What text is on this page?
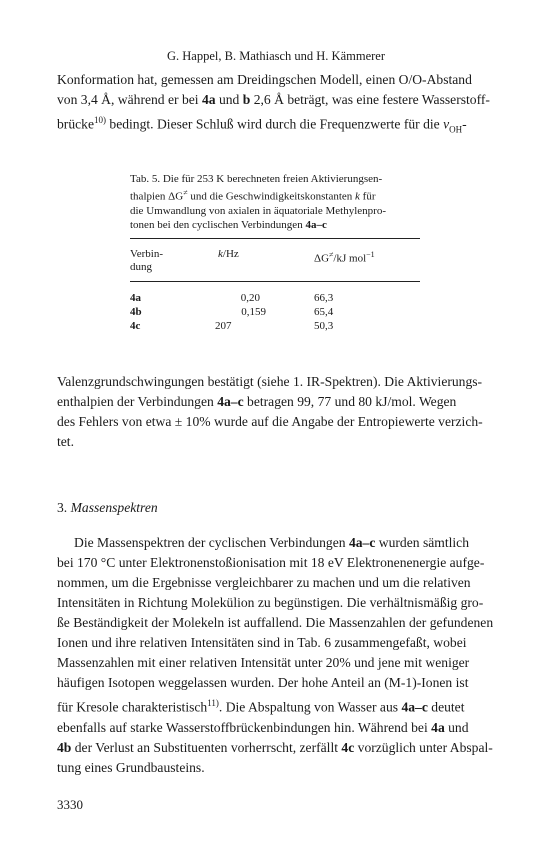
G. Happel, B. Mathiasch und H. Kämmerer
Konformation hat, gemessen am Dreidingschen Modell, einen O/O-Abstand
von 3,4 Å, während er bei 4a und b 2,6 Å beträgt, was eine festere Wasserstoff-
brücke$^{10)}$ bedingt. Dieser Schluß wird durch die Frequenzwerte für die $\nu_{OH}-$
Tab. 5. Die für 253 K berechneten freien Aktivierungsen-
thalpien ΔG≠ und die Geschwindigkeitskonstanten k für
die Umwandlung von axialen in äquatoriale Methylenpro-
tonen bei den cyclischen Verbindungen 4a–c
Verbin-
dung
k/Hz	ΔG≠/kJ mol$^{-1}$
4a	0,20	66,3
4b	0,159	65,4
4c	207	50,3
Valenzgrundschwingungen bestätigt (siehe 1. IR-Spektren). Die Aktivierungs-
enthalpien der Verbindungen 4a–c betragen 99, 77 und 80 kJ/mol. Wegen
des Fehlers von etwa ± 10% wurde auf die Angabe der Entropiewerte verzich-
tet.
3. Massenspektren
Die Massenspektren der cyclischen Verbindungen 4a–c wurden sämtlich
bei 170 °C unter Elektronenstoßionisation mit 18 eV Elektronenenergie aufge-
nommen, um die Ergebnisse vergleichbarer zu machen und um die relativen
Intensitäten in Richtung Molekülion zu begünstigen. Die verhältnismäßig gro-
ße Beständigkeit der Molekeln ist auffallend. Die Massenzahlen der gefundenen
Ionen und ihre relativen Intensitäten sind in Tab. 6 zusammengefaßt, wobei
Massenzahlen mit einer relativen Intensität unter 20% und jene mit weniger
häufigen Isotopen weggelassen wurden. Der hohe Anteil an (M-1)-Ionen ist
für Kresole charakteristisch$^{11)}$. Die Abspaltung von Wasser aus 4a–c deutet
ebenfalls auf starke Wasserstoffbrückenbindungen hin. Während bei 4a und
4b der Verlust an Substituenten vorherrscht, zerfällt 4c vorzüglich unter Abspal-
tung eines Grundbausteins.
3330
